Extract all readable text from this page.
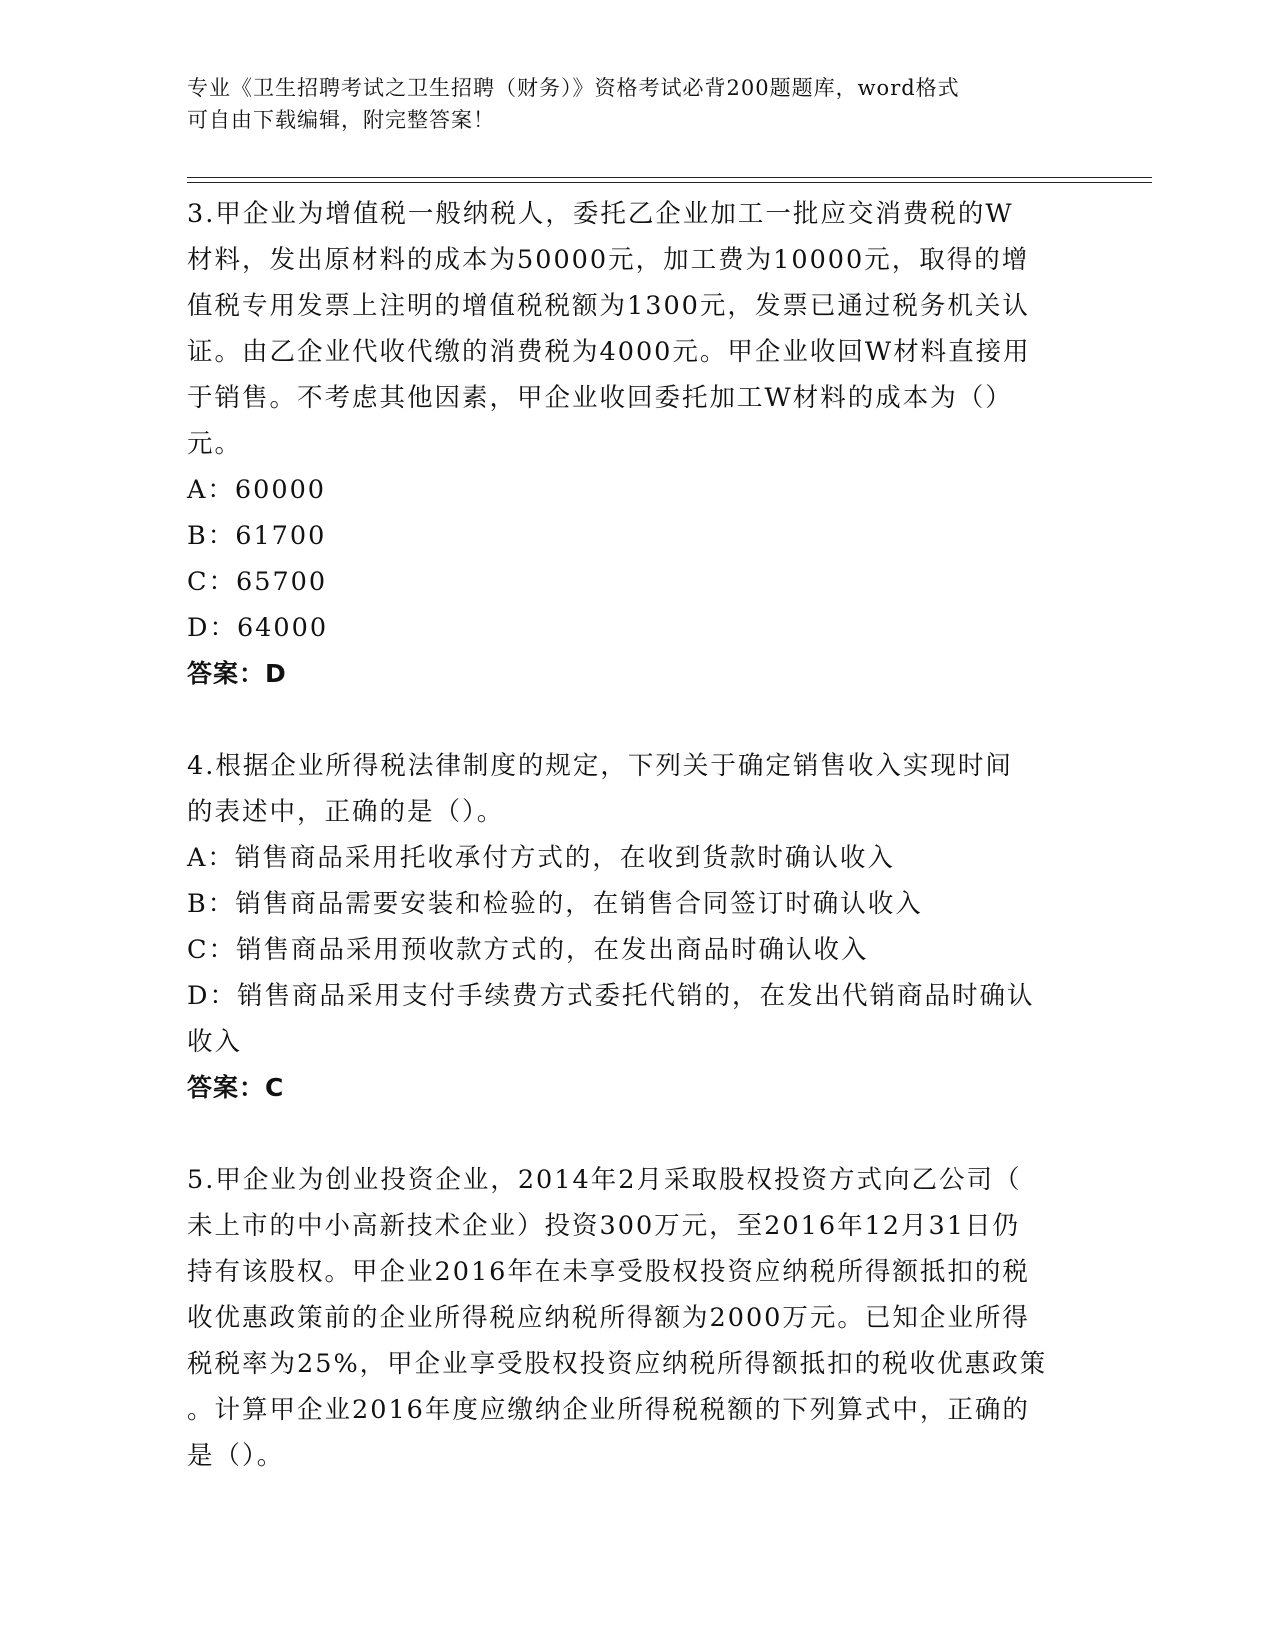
专业《卫生招聘考试之卫生招聘（财务）》资格考试必背200题题库，word格式
可自由下载编辑，附完整答案！
3.甲企业为增值税一般纳税人，委托乙企业加工一批应交消费税的W
材料，发出原材料的成本为50000元，加工费为10000元，取得的增
值税专用发票上注明的增值税税额为1300元，发票已通过税务机关认
证。由乙企业代收代缴的消费税为4000元。甲企业收回W材料直接用
于销售。不考虑其他因素，甲企业收回委托加工W材料的成本为（）
元。
A：60000
B：61700
C：65700
D：64000
答案：D
4.根据企业所得税法律制度的规定，下列关于确定销售收入实现时间
的表述中，正确的是（）。
A：销售商品采用托收承付方式的，在收到货款时确认收入
B：销售商品需要安装和检验的，在销售合同签订时确认收入
C：销售商品采用预收款方式的，在发出商品时确认收入
D：销售商品采用支付手续费方式委托代销的，在发出代销商品时确认
收入
答案：C
5.甲企业为创业投资企业，2014年2月采取股权投资方式向乙公司（
未上市的中小高新技术企业）投资300万元，至2016年12月31日仍
持有该股权。甲企业2016年在未享受股权投资应纳税所得额抵扣的税
收优惠政策前的企业所得税应纳税所得额为2000万元。已知企业所得
税税率为25%，甲企业享受股权投资应纳税所得额抵扣的税收优惠政策
。计算甲企业2016年度应缴纳企业所得税税额的下列算式中，正确的
是（）。
